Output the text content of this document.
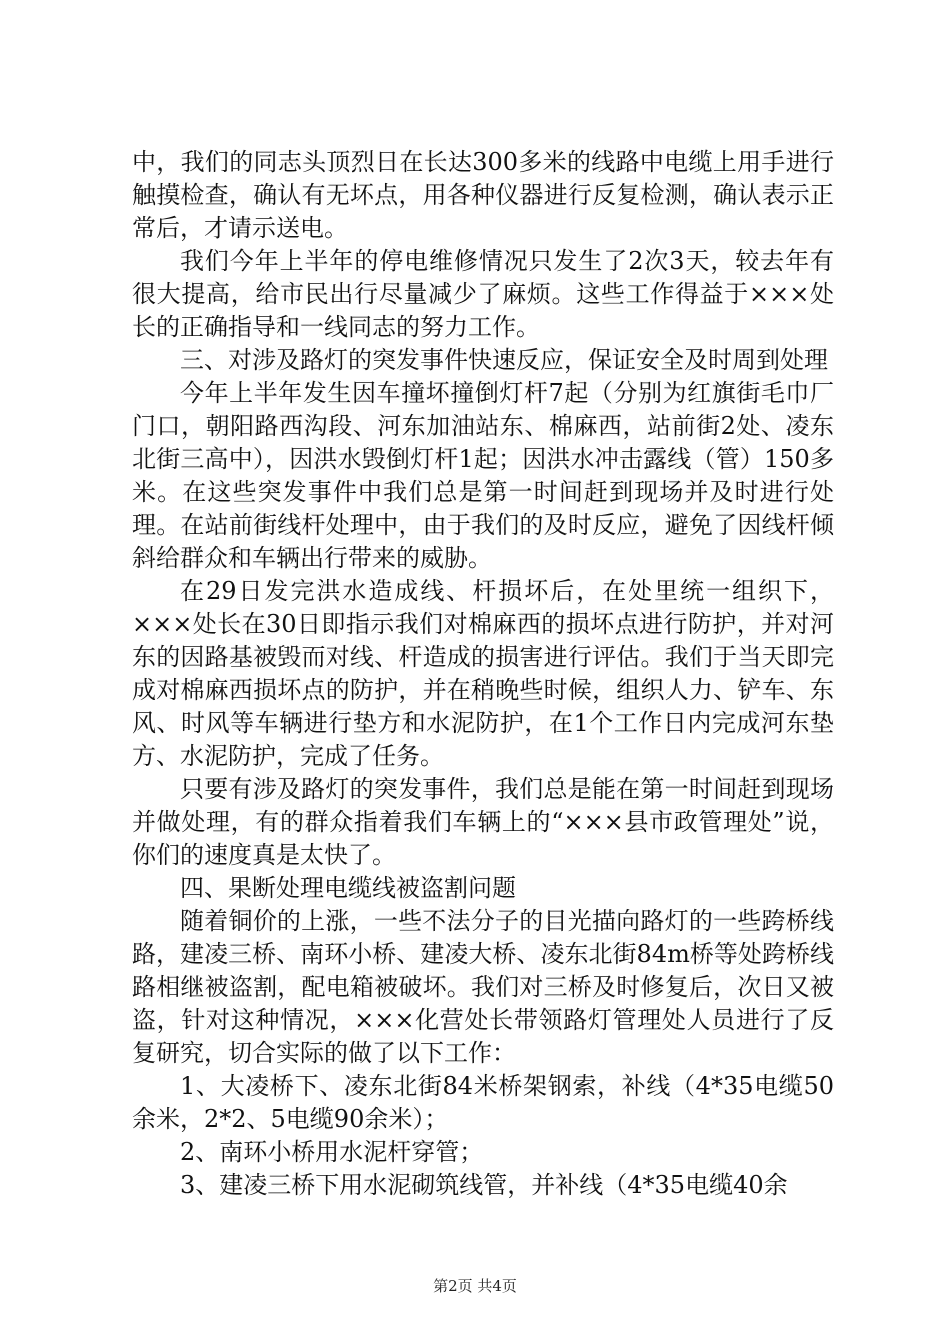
中，我们的同志头顶烈日在长达300多米的线路中电缆上用手进行触摸检查，确认有无坏点，用各种仪器进行反复检测，确认表示正常后，才请示送电。

我们今年上半年的停电维修情况只发生了2次3天，较去年有很大提高，给市民出行尽量减少了麻烦。这些工作得益于×××处长的正确指导和一线同志的努力工作。

三、对涉及路灯的突发事件快速反应，保证安全及时周到处理

今年上半年发生因车撞坏撞倒灯杆7起（分别为红旗街毛巾厂门口，朝阳路西沟段、河东加油站东、棉麻西，站前街2处、凌东北街三高中），因洪水毁倒灯杆1起；因洪水冲击露线（管）150多米。在这些突发事件中我们总是第一时间赶到现场并及时进行处理。在站前街线杆处理中，由于我们的及时反应，避免了因线杆倾斜给群众和车辆出行带来的威胁。

在29日发完洪水造成线、杆损坏后，在处里统一组织下，×××处长在30日即指示我们对棉麻西的损坏点进行防护，并对河东的因路基被毁而对线、杆造成的损害进行评估。我们于当天即完成对棉麻西损坏点的防护，并在稍晚些时候，组织人力、铲车、东风、时风等车辆进行垫方和水泥防护，在1个工作日内完成河东垫方、水泥防护，完成了任务。

只要有涉及路灯的突发事件，我们总是能在第一时间赶到现场并做处理，有的群众指着我们车辆上的“×××县市政管理处”说，你们的速度真是太快了。

四、果断处理电缆线被盗割问题

随着铜价的上涨，一些不法分子的目光描向路灯的一些跨桥线路，建凌三桥、南环小桥、建凌大桥、凌东北街84m桥等处跨桥线路相继被盗割，配电箱被破坏。我们对三桥及时修复后，次日又被盗，针对这种情况，×××化营处长带领路灯管理处人员进行了反复研究，切合实际的做了以下工作：

1、大凌桥下、凌东北街84米桥架钢索，补线（4*35电缆50余米，2*2、5电缆90余米）；

2、南环小桥用水泥杆穿管；

3、建凌三桥下用水泥砌筑线管，并补线（4*35电缆40余

第2页 共4页
